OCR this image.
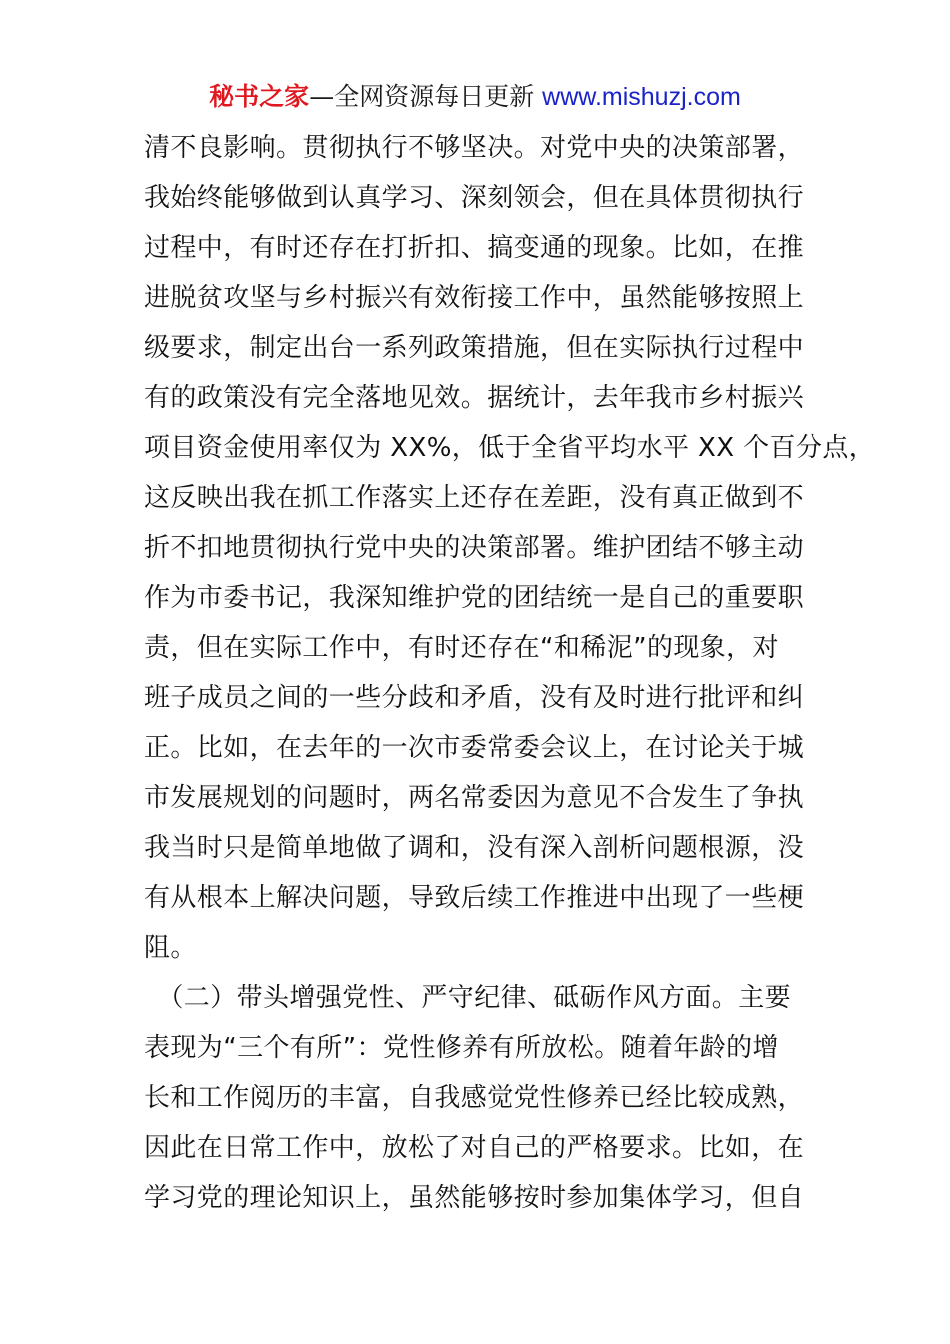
秘书之家—全网资源每日更新 www.mishuzj.com
清不良影响。贯彻执行不够坚决。对党中央的决策部署，
我始终能够做到认真学习、深刻领会，但在具体贯彻执行
过程中，有时还存在打折扣、搞变通的现象。比如，在推
进脱贫攻坚与乡村振兴有效衔接工作中，虽然能够按照上
级要求，制定出台一系列政策措施，但在实际执行过程中
有的政策没有完全落地见效。据统计，去年我市乡村振兴
项目资金使用率仅为 XX%，低于全省平均水平 XX 个百分点，
这反映出我在抓工作落实上还存在差距，没有真正做到不
折不扣地贯彻执行党中央的决策部署。维护团结不够主动
作为市委书记，我深知维护党的团结统一是自己的重要职
责，但在实际工作中，有时还存在“和稀泥”的现象，对
班子成员之间的一些分歧和矛盾，没有及时进行批评和纠
正。比如，在去年的一次市委常委会议上，在讨论关于城
市发展规划的问题时，两名常委因为意见不合发生了争执
我当时只是简单地做了调和，没有深入剖析问题根源，没
有从根本上解决问题，导致后续工作推进中出现了一些梗
阻。
　（二）带头增强党性、严守纪律、砥砺作风方面。主要
表现为“三个有所”：党性修养有所放松。随着年龄的增
长和工作阅历的丰富，自我感觉党性修养已经比较成熟，
因此在日常工作中，放松了对自己的严格要求。比如，在
学习党的理论知识上，虽然能够按时参加集体学习，但自
